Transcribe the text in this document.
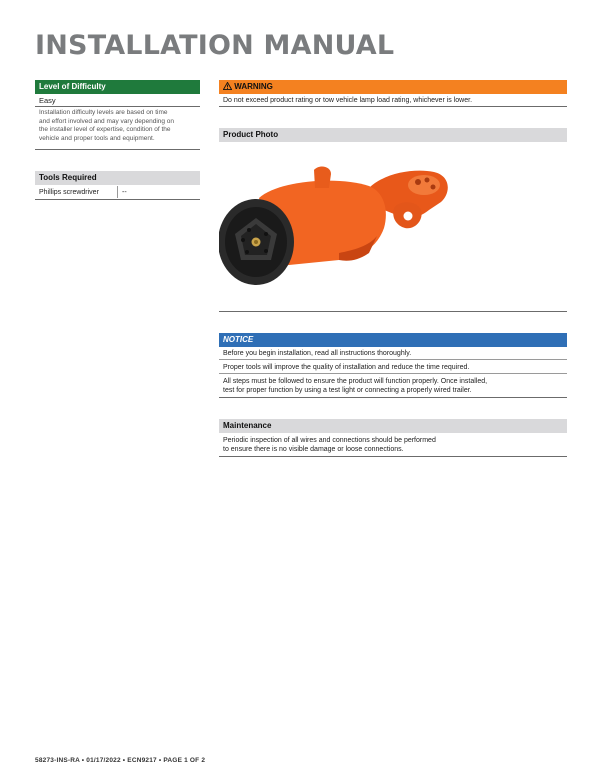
INSTALLATION MANUAL
Level of Difficulty
Easy
Installation difficulty levels are based on time
and effort involved and may vary depending on
the installer level of expertise, condition of the
vehicle and proper tools and equipment.
Tools Required
Phillips screwdriver	--
WARNING
Do not exceed product rating or tow vehicle lamp load rating, whichever is lower.
Product Photo
NOTICE
Before you begin installation, read all instructions thoroughly.
Proper tools will improve the quality of installation and reduce the time required.
All steps must be followed to ensure the product will function properly. Once installed,
test for proper function by using a test light or connecting a properly wired trailer.
Maintenance
Periodic inspection of all wires and connections should be performed
to ensure there is no visible damage or loose connections.
58273-INS-RA • 01/17/2022 • ECN9217 • PAGE 1 OF 2
